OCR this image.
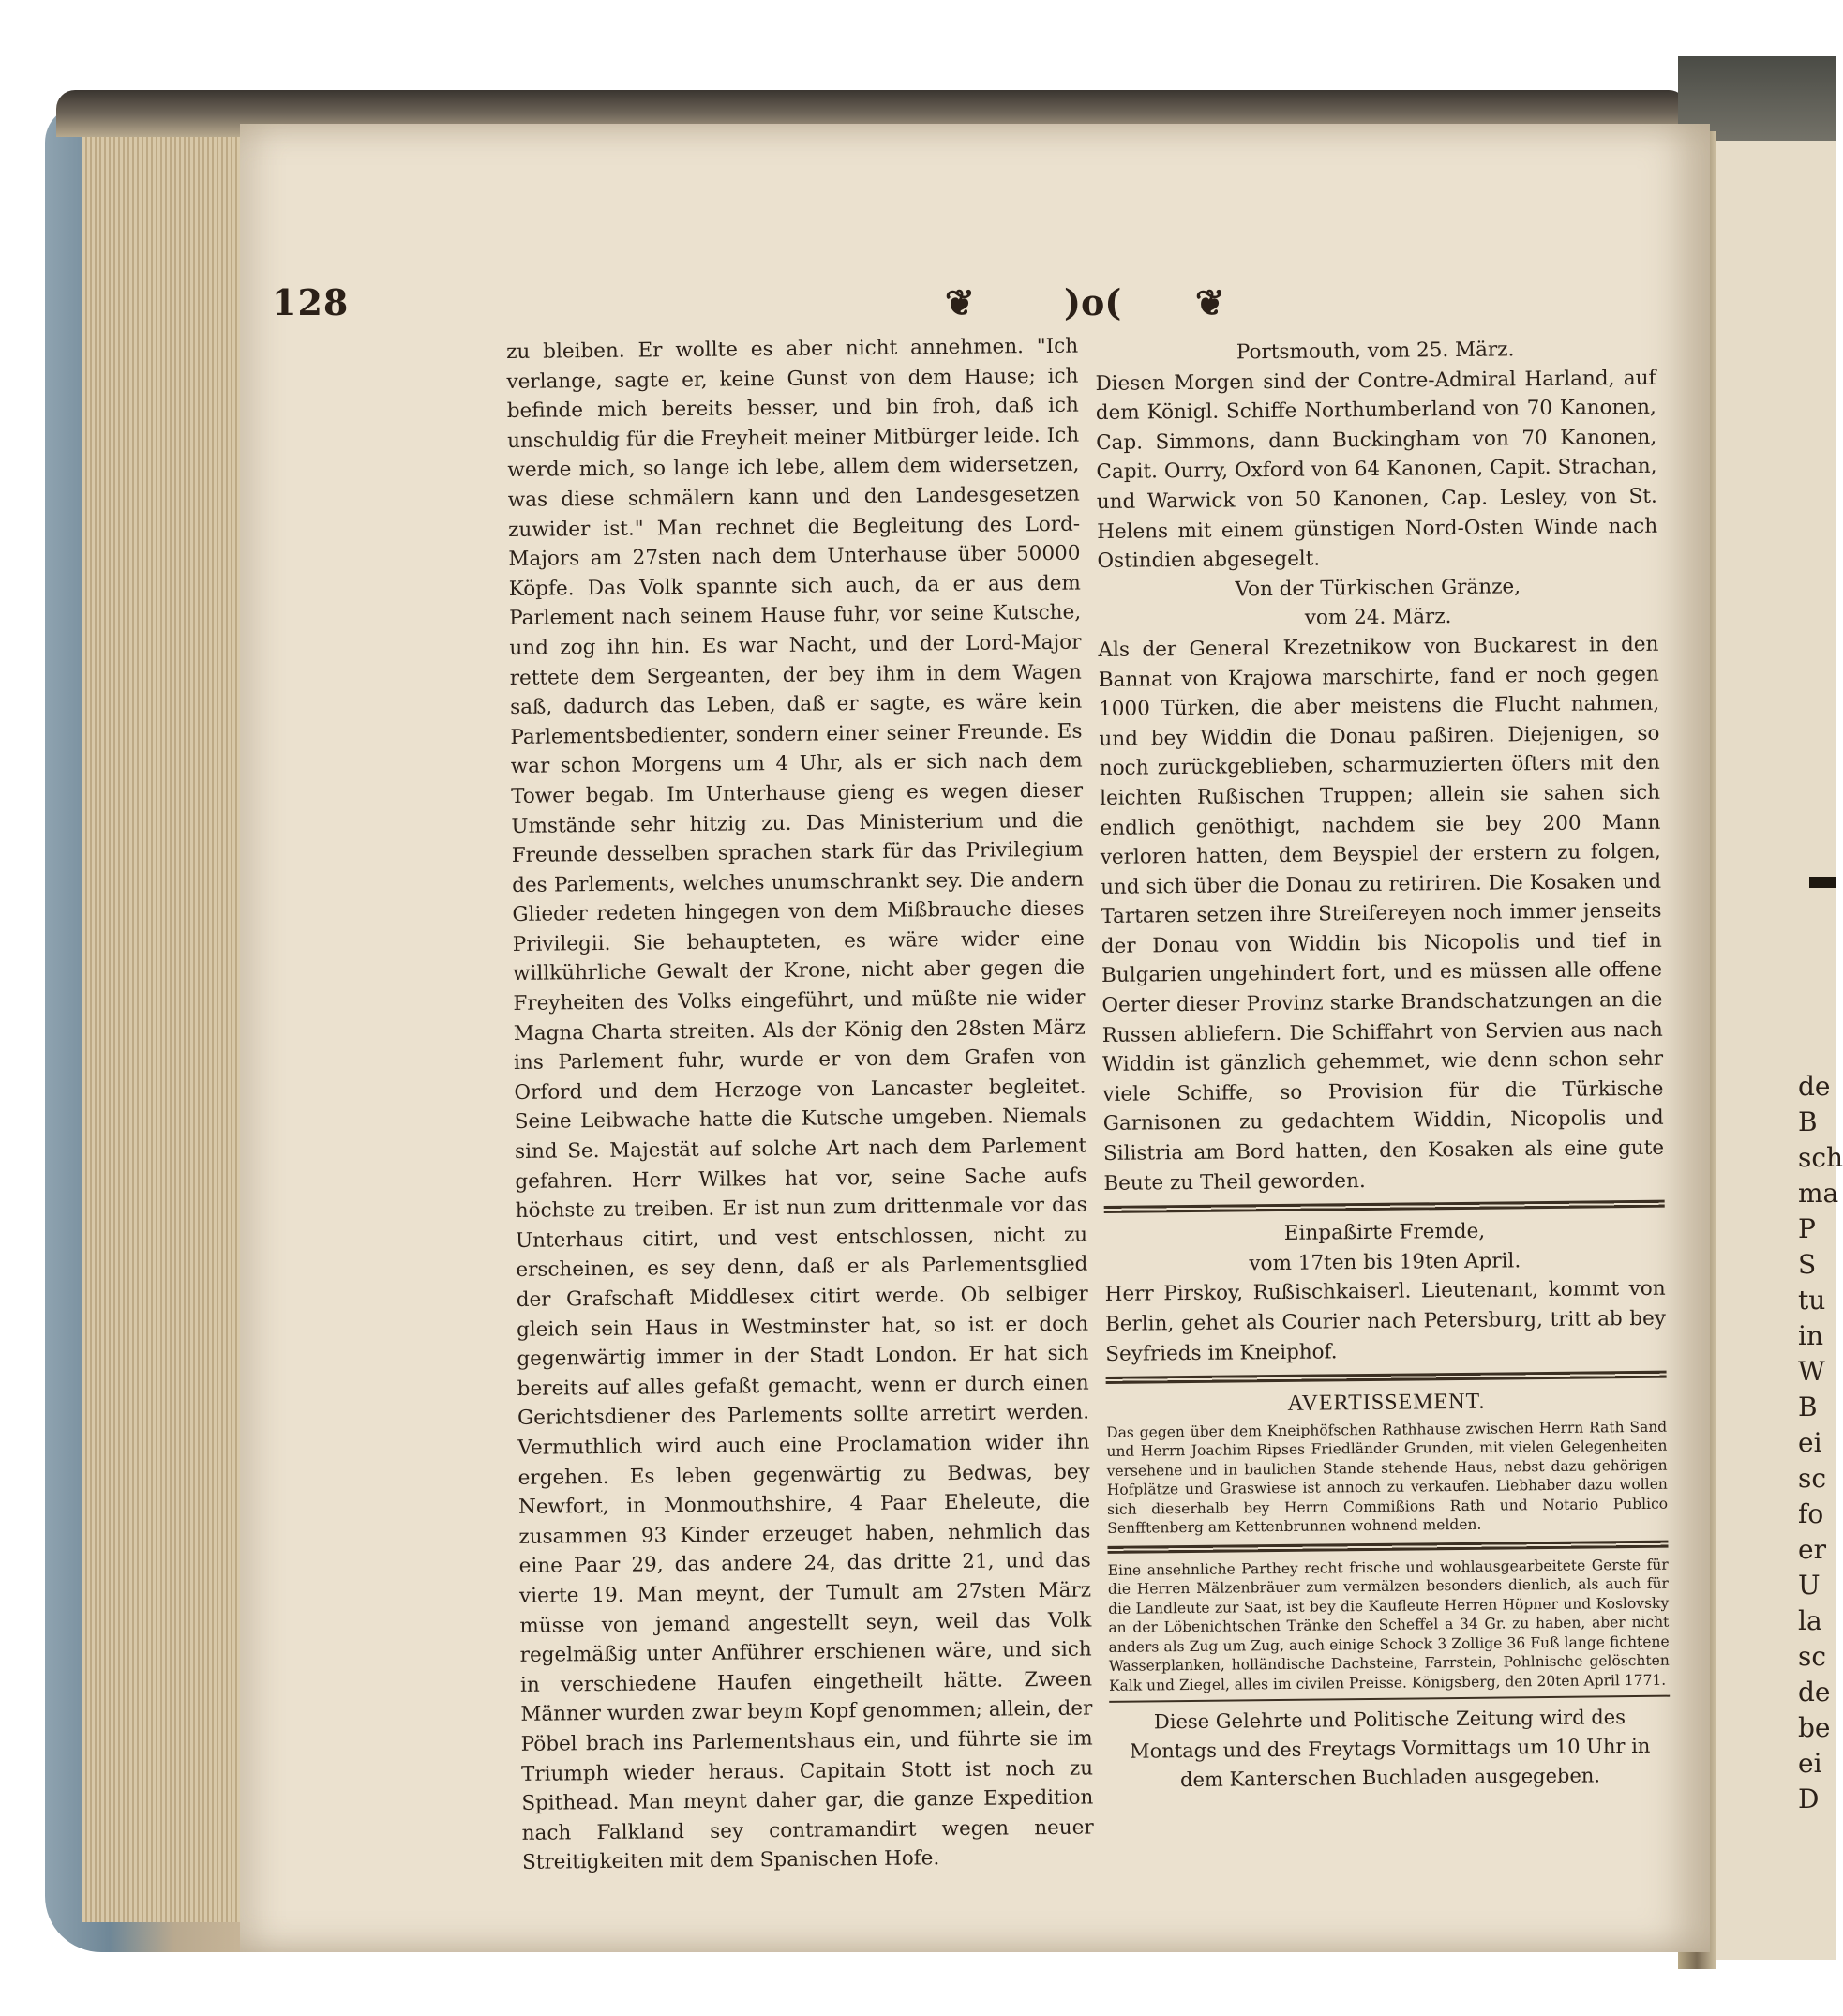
de
B
sch
ma
P
S
tu
in
W
B
ei
sc
fo
er
U
la
sc
de
be
ei
D
128	❦	)o( ❦

zu bleiben. Er wollte es aber nicht annehmen. "Ich verlange, sagte er, keine Gunst von dem Hause; ich befinde mich bereits besser, und bin froh, daß ich unschuldig für die Freyheit meiner Mitbürger leide. Ich werde mich, so lange ich lebe, allem dem widersetzen, was diese schmälern kann und den Landesgesetzen zuwider ist." Man rechnet die Begleitung des Lord-Majors am 27sten nach dem Unterhause über 50000 Köpfe. Das Volk spannte sich auch, da er aus dem Parlement nach seinem Hause fuhr, vor seine Kutsche, und zog ihn hin. Es war Nacht, und der Lord-Major rettete dem Sergeanten, der bey ihm in dem Wagen saß, dadurch das Leben, daß er sagte, es wäre kein Parlementsbedienter, sondern einer seiner Freunde. Es war schon Morgens um 4 Uhr, als er sich nach dem Tower begab. Im Unterhause gieng es wegen dieser Umstände sehr hitzig zu. Das Ministerium und die Freunde desselben sprachen stark für das Privilegium des Parlements, welches unumschrankt sey. Die andern Glieder redeten hingegen von dem Mißbrauche dieses Privilegii. Sie behaupteten, es wäre wider eine willkührliche Gewalt der Krone, nicht aber gegen die Freyheiten des Volks eingeführt, und müßte nie wider Magna Charta streiten. Als der König den 28sten März ins Parlement fuhr, wurde er von dem Grafen von Orford und dem Herzoge von Lancaster begleitet. Seine Leibwache hatte die Kutsche umgeben. Niemals sind Se. Majestät auf solche Art nach dem Parlement gefahren. Herr Wilkes hat vor, seine Sache aufs höchste zu treiben. Er ist nun zum drittenmale vor das Unterhaus citirt, und vest entschlossen, nicht zu erscheinen, es sey denn, daß er als Parlementsglied der Grafschaft Middlesex citirt werde. Ob selbiger gleich sein Haus in Westminster hat, so ist er doch gegenwärtig immer in der Stadt London. Er hat sich bereits auf alles gefaßt gemacht, wenn er durch einen Gerichtsdiener des Parlements sollte arretirt werden. Vermuthlich wird auch eine Proclamation wider ihn ergehen. Es leben gegenwärtig zu Bedwas, bey Newfort, in Monmouthshire, 4 Paar Eheleute, die zusammen 93 Kinder erzeuget haben, nehmlich das eine Paar 29, das andere 24, das dritte 21, und das vierte 19. Man meynt, der Tumult am 27sten März müsse von jemand angestellt seyn, weil das Volk regelmäßig unter Anführer erschienen wäre, und sich in verschiedene Haufen eingetheilt hätte. Zween Männer wurden zwar beym Kopf genommen; allein, der Pöbel brach ins Parlementshaus ein, und führte sie im Triumph wieder heraus. Capitain Stott ist noch zu Spithead. Man meynt daher gar, die ganze Expedition nach Falkland sey contramandirt wegen neuer Streitigkeiten mit dem Spanischen Hofe.

Portsmouth, vom 25. März.

Diesen Morgen sind der Contre-Admiral Harland, auf dem Königl. Schiffe Northumberland von 70 Kanonen, Cap. Simmons, dann Buckingham von 70 Kanonen, Capit. Ourry, Oxford von 64 Kanonen, Capit. Strachan, und Warwick von 50 Kanonen, Cap. Lesley, von St. Helens mit einem günstigen Nord-Osten Winde nach Ostindien abgesegelt.

Von der Türkischen Gränze,

vom 24. März.

Als der General Krezetnikow von Buckarest in den Bannat von Krajowa marschirte, fand er noch gegen 1000 Türken, die aber meistens die Flucht nahmen, und bey Widdin die Donau paßiren. Diejenigen, so noch zurückgeblieben, scharmuzierten öfters mit den leichten Rußischen Truppen; allein sie sahen sich endlich genöthigt, nachdem sie bey 200 Mann verloren hatten, dem Beyspiel der erstern zu folgen, und sich über die Donau zu retiriren. Die Kosaken und Tartaren setzen ihre Streifereyen noch immer jenseits der Donau von Widdin bis Nicopolis und tief in Bulgarien ungehindert fort, und es müssen alle offene Oerter dieser Provinz starke Brandschatzungen an die Russen abliefern. Die Schiffahrt von Servien aus nach Widdin ist gänzlich gehemmet, wie denn schon sehr viele Schiffe, so Provision für die Türkische Garnisonen zu gedachtem Widdin, Nicopolis und Silistria am Bord hatten, den Kosaken als eine gute Beute zu Theil geworden.

Einpaßirte Fremde,

vom 17ten bis 19ten April.

Herr Pirskoy, Rußischkaiserl. Lieutenant, kommt von Berlin, gehet als Courier nach Petersburg, tritt ab bey Seyfrieds im Kneiphof.

AVERTISSEMENT.

Das gegen über dem Kneiphöfschen Rathhause zwischen Herrn Rath Sand und Herrn Joachim Ripses Friedländer Grunden, mit vielen Gelegenheiten versehene und in baulichen Stande stehende Haus, nebst dazu gehörigen Hofplätze und Graswiese ist annoch zu verkaufen. Liebhaber dazu wollen sich dieserhalb bey Herrn Commißions Rath und Notario Publico Senfftenberg am Kettenbrunnen wohnend melden.

Eine ansehnliche Parthey recht frische und wohlausgearbeitete Gerste für die Herren Mälzenbräuer zum vermälzen besonders dienlich, als auch für die Landleute zur Saat, ist bey die Kaufleute Herren Höpner und Koslovsky an der Löbenichtschen Tränke den Scheffel a 34 Gr. zu haben, aber nicht anders als Zug um Zug, auch einige Schock 3 Zollige 36 Fuß lange fichtene Wasserplanken, holländische Dachsteine, Farrstein, Pohlnische gelöschten Kalk und Ziegel, alles im civilen Preisse. Königsberg, den 20ten April 1771.

Diese Gelehrte und Politische Zeitung wird des Montags und des Freytags Vormittags um 10 Uhr in dem Kanterschen Buchladen ausgegeben.
